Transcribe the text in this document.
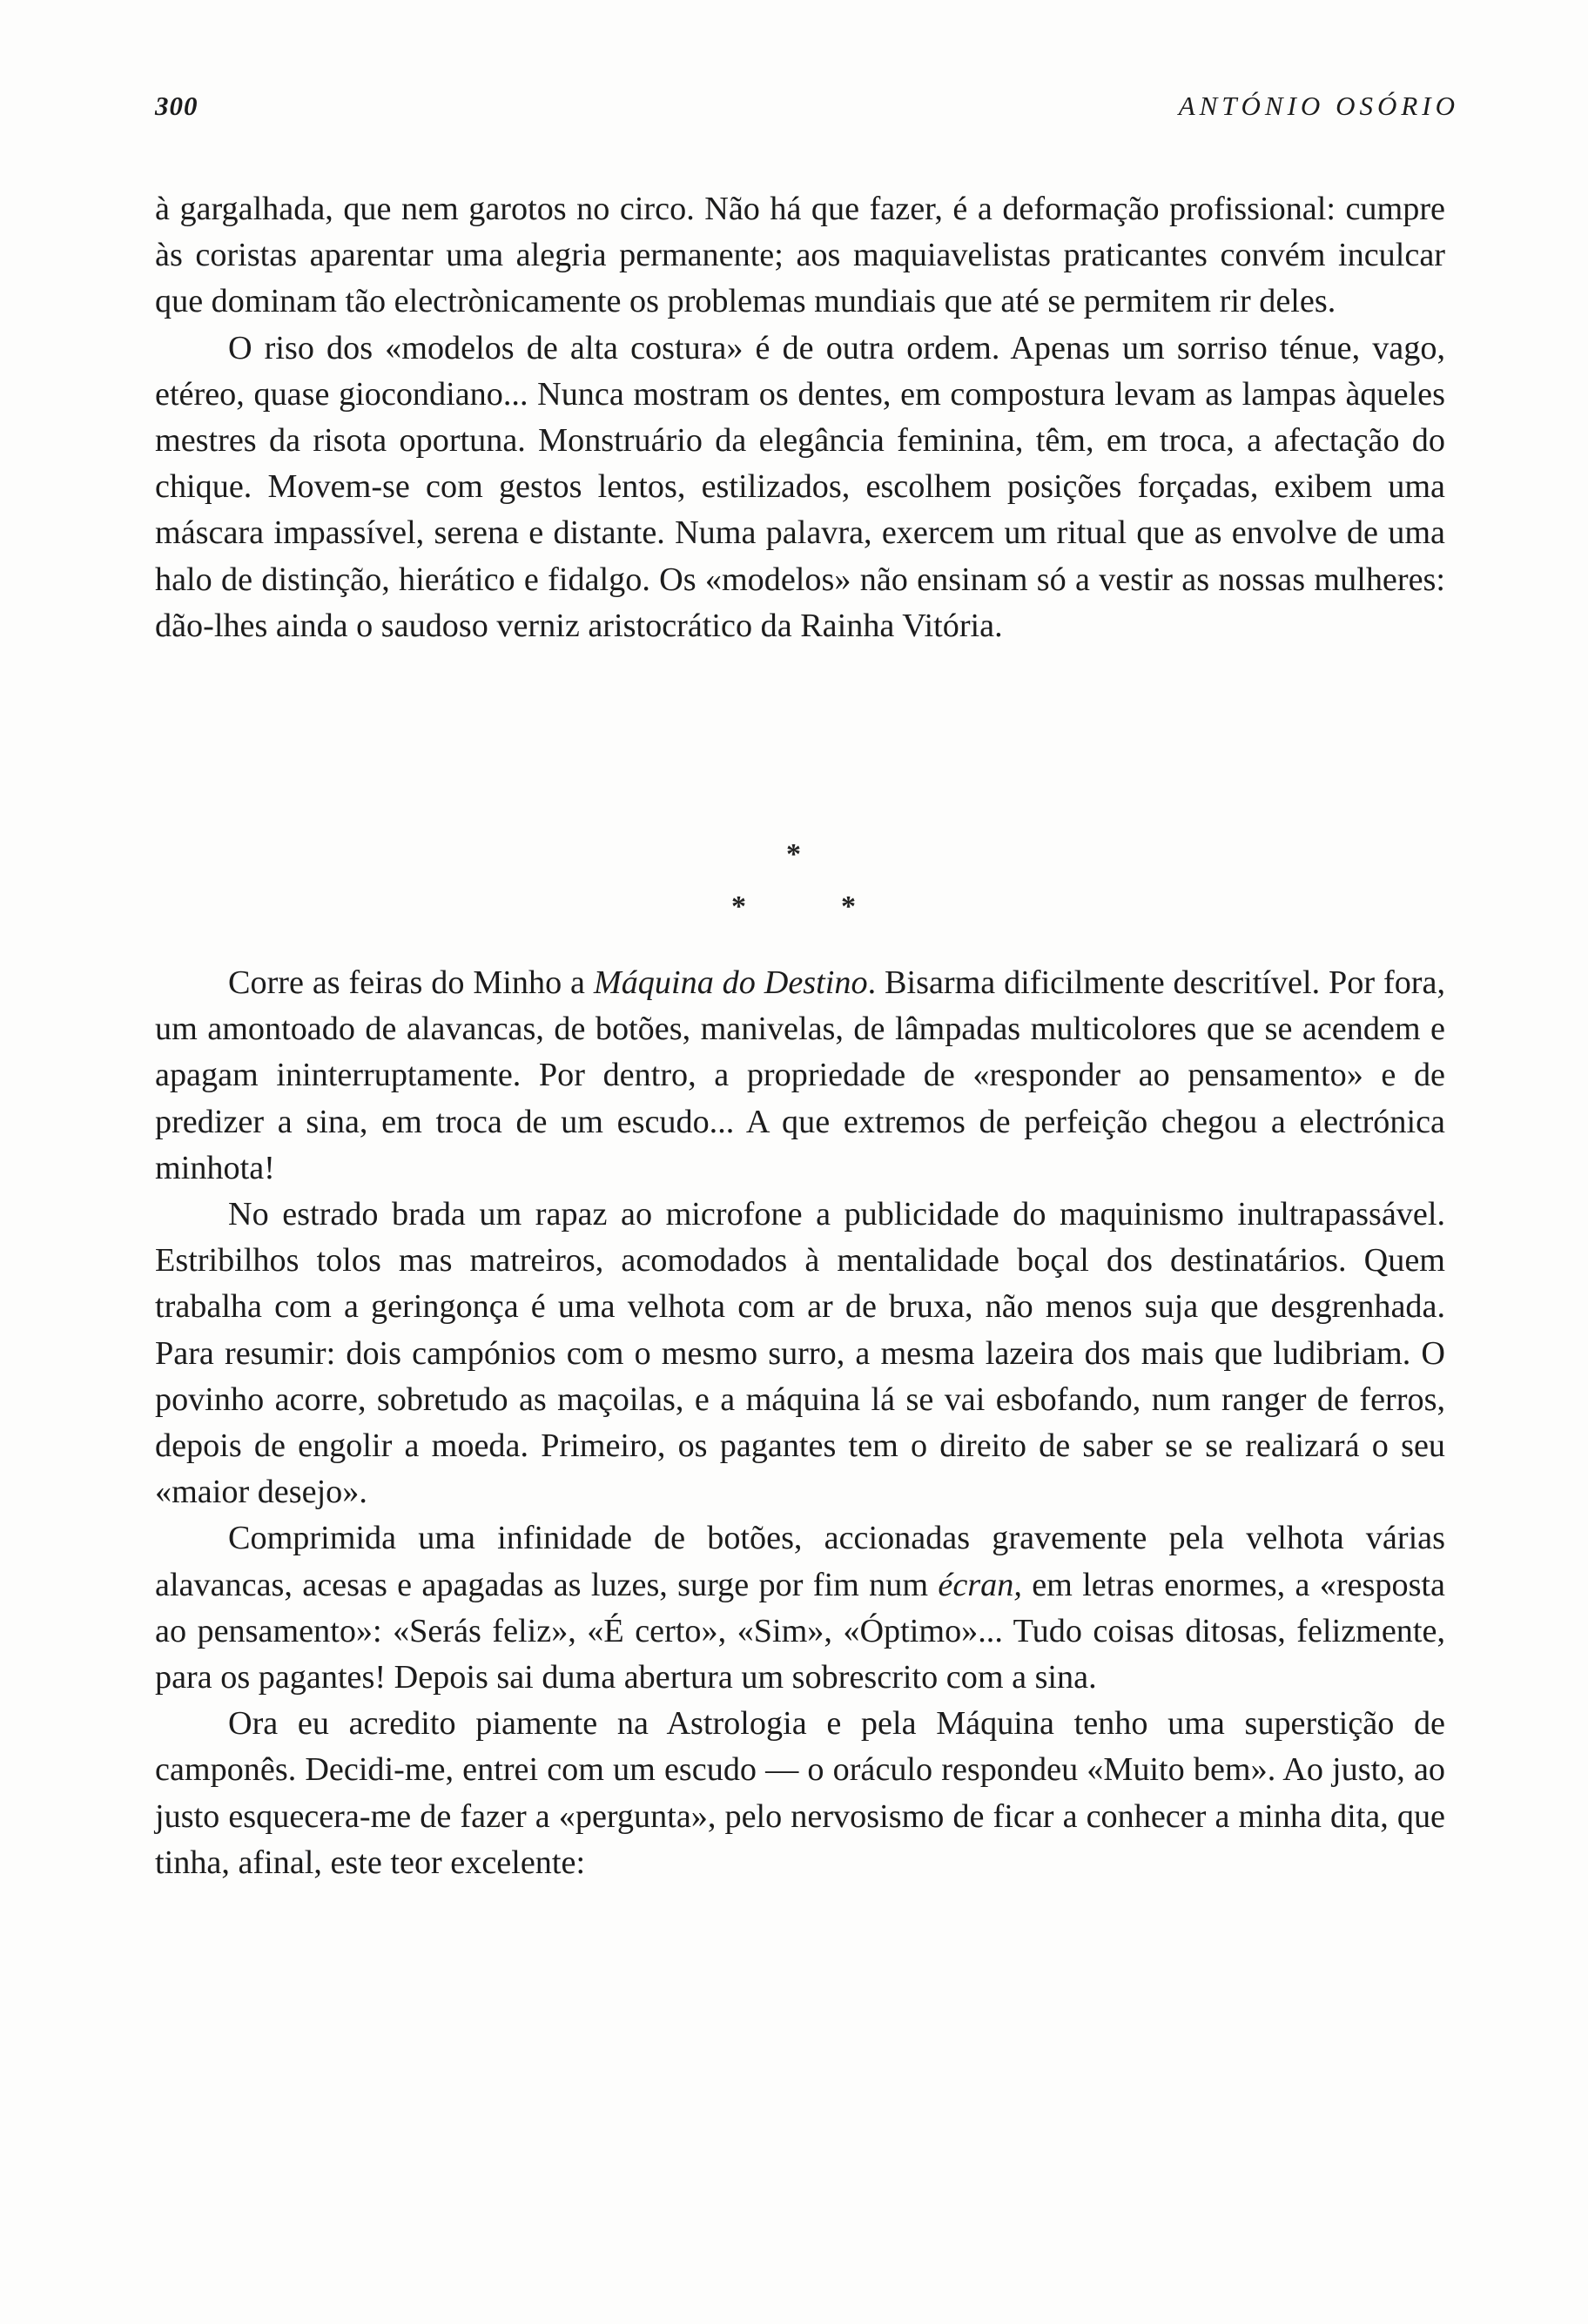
300	ANTÓNIO OSÓRIO

à gargalhada, que nem garotos no circo. Não há que fazer, é a deformação profissional: cumpre às coristas aparentar uma alegria permanente; aos maquiavelistas praticantes convém inculcar que dominam tão electrònicamente os problemas mundiais que até se permitem rir deles.

O riso dos «modelos de alta costura» é de outra ordem. Apenas um sorriso ténue, vago, etéreo, quase giocondiano... Nunca mostram os dentes, em compostura levam as lampas àqueles mestres da risota oportuna. Monstruário da elegância feminina, têm, em troca, a afectação do chique. Movem-se com gestos lentos, estilizados, escolhem posições forçadas, exibem uma máscara impassível, serena e distante. Numa palavra, exercem um ritual que as envolve de uma halo de distinção, hierático e fidalgo. Os «modelos» não ensinam só a vestir as nossas mulheres: dão-lhes ainda o saudoso verniz aristocrático da Rainha Vitória.

*
*	*

Corre as feiras do Minho a Máquina do Destino. Bisarma dificilmente descritível. Por fora, um amontoado de alavancas, de botões, manivelas, de lâmpadas multicolores que se acendem e apagam ininterruptamente. Por dentro, a propriedade de «responder ao pensamento» e de predizer a sina, em troca de um escudo... A que extremos de perfeição chegou a electrónica minhota!

No estrado brada um rapaz ao microfone a publicidade do maquinismo inultrapassável. Estribilhos tolos mas matreiros, acomodados à mentalidade boçal dos destinatários. Quem trabalha com a geringonça é uma velhota com ar de bruxa, não menos suja que desgrenhada. Para resumir: dois campónios com o mesmo surro, a mesma lazeira dos mais que ludibriam. O povinho acorre, sobretudo as maçoilas, e a máquina lá se vai esbofando, num ranger de ferros, depois de engolir a moeda. Primeiro, os pagantes tem o direito de saber se se realizará o seu «maior desejo».

Comprimida uma infinidade de botões, accionadas gravemente pela velhota várias alavancas, acesas e apagadas as luzes, surge por fim num écran, em letras enormes, a «resposta ao pensamento»: «Serás feliz», «É certo», «Sim», «Óptimo»... Tudo coisas ditosas, felizmente, para os pagantes! Depois sai duma abertura um sobrescrito com a sina.

Ora eu acredito piamente na Astrologia e pela Máquina tenho uma superstição de camponês. Decidi-me, entrei com um escudo — o oráculo respondeu «Muito bem». Ao justo, ao justo esquecera-me de fazer a «pergunta», pelo nervosismo de ficar a conhecer a minha dita, que tinha, afinal, este teor excelente:
